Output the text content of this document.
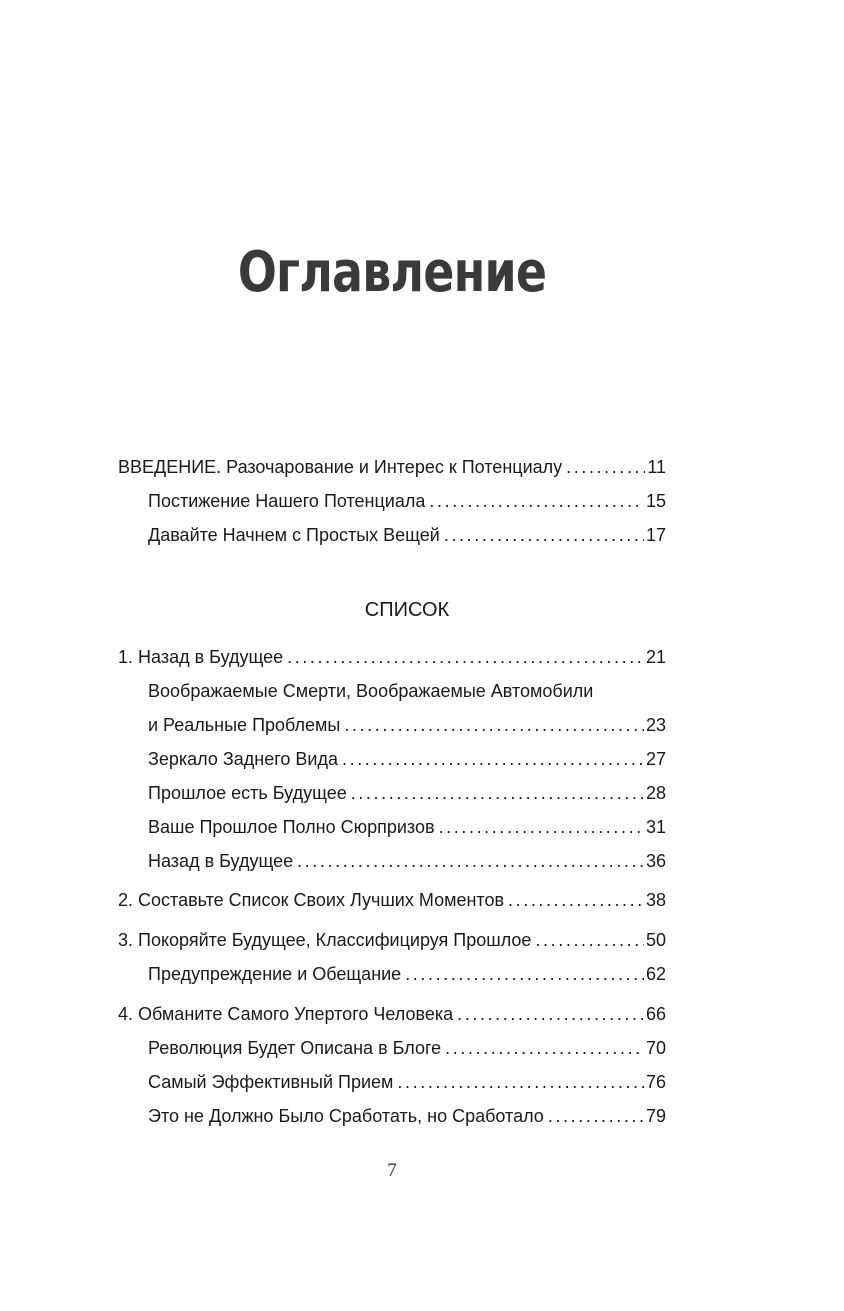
Оглавление
ВВЕДЕНИЕ. Разочарование и Интерес к Потенциалу . . .	11
Постижение Нашего Потенциала . . .	15
Давайте Начнем с Простых Вещей . . .	17
СПИСОК
1. Назад в Будущее . . .	21
Воображаемые Смерти, Воображаемые Автомобили
и Реальные Проблемы . . .	23
Зеркало Заднего Вида . . .	27
Прошлое есть Будущее . . .	28
Ваше Прошлое Полно Сюрпризов . . .	31
Назад в Будущее . . .	36
2. Составьте Список Своих Лучших Моментов . . .	38
3. Покоряйте Будущее, Классифицируя Прошлое . . .	50
Предупреждение и Обещание . . .	62
4. Обманите Самого Упертого Человека . . .	66
Революция Будет Описана в Блоге . . .	70
Самый Эффективный Прием . . .	76
Это не Должно Было Сработать, но Сработало . . .	79
7
